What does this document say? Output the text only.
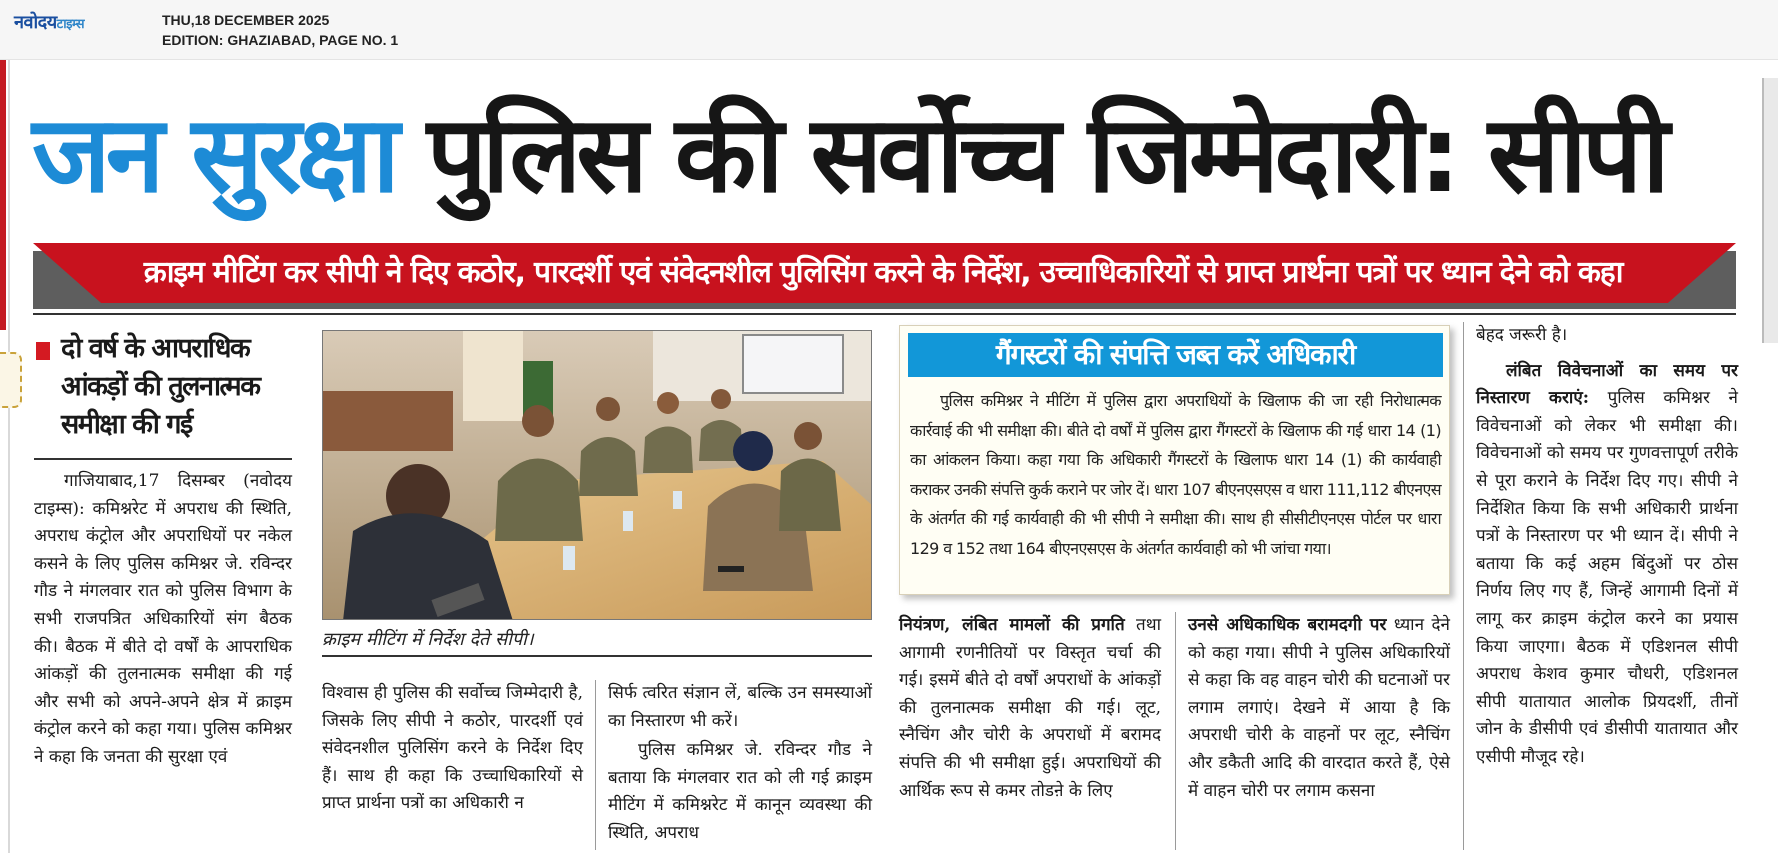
नवोदयटाइम्स	THU,18 DECEMBER 2025
EDITION: GHAZIABAD, PAGE NO. 1
जन सुरक्षा पुलिस की सर्वोच्च जिम्मेदारी: सीपी
क्राइम मीटिंग कर सीपी ने दिए कठोर, पारदर्शी एवं संवेदनशील पुलिसिंग करने के निर्देश, उच्चाधिकारियों से प्राप्त प्रार्थना पत्रों पर ध्यान देने को कहा
दो वर्ष के आपराधिक आंकड़ों की तुलनात्मक समीक्षा की गई

गाजियाबाद,17 दिसम्बर (नवोदय टाइम्स): कमिश्नरेट में अपराध की स्थिति, अपराध कंट्रोल और अपराधियों पर नकेल कसने के लिए पुलिस कमिश्नर जे. रविन्दर गौड ने मंगलवार रात को पुलिस विभाग के सभी राजपत्रित अधिकारियों संग बैठक की। बैठक में बीते दो वर्षों के आपराधिक आंकड़ों की तुलनात्मक समीक्षा की गई और सभी को अपने-अपने क्षेत्र में क्राइम कंट्रोल करने को कहा गया। पुलिस कमिश्नर ने कहा कि जनता की सुरक्षा एवं

क्राइम मीटिंग में निर्देश देते सीपी।

विश्वास ही पुलिस की सर्वोच्च जिम्मेदारी है, जिसके लिए सीपी ने कठोर, पारदर्शी एवं संवेदनशील पुलिसिंग करने के निर्देश दिए हैं। साथ ही कहा कि उच्चाधिकारियों से प्राप्त प्रार्थना पत्रों का अधिकारी न

सिर्फ त्वरित संज्ञान लें, बल्कि उन समस्याओं का निस्तारण भी करें।

पुलिस कमिश्नर जे. रविन्दर गौड ने बताया कि मंगलवार रात को ली गई क्राइम मीटिंग में कमिश्नरेट में कानून व्यवस्था की स्थिति, अपराध

गैंगस्टरों की संपत्ति जब्त करें अधिकारी
पुलिस कमिश्नर ने मीटिंग में पुलिस द्वारा अपराधियों के खिलाफ की जा रही निरोधात्मक कार्रवाई की भी समीक्षा की। बीते दो वर्षों में पुलिस द्वारा गैंगस्टरों के खिलाफ की गई धारा 14 (1) का आंकलन किया। कहा गया कि अधिकारी गैंगस्टरों के खिलाफ धारा 14 (1) की कार्यवाही कराकर उनकी संपत्ति कुर्क कराने पर जोर दें। धारा 107 बीएनएसएस व धारा 111,112 बीएनएस के अंतर्गत की गई कार्यवाही की भी सीपी ने समीक्षा की। साथ ही सीसीटीएनएस पोर्टल पर धारा 129 व 152 तथा 164 बीएनएसएस के अंतर्गत कार्यवाही को भी जांचा गया।

नियंत्रण, लंबित मामलों की प्रगति तथा आगामी रणनीतियों पर विस्तृत चर्चा की गई। इसमें बीते दो वर्षों अपराधों के आंकड़ों की तुलनात्मक समीक्षा की गई। लूट, स्नैचिंग और चोरी के अपराधों में बरामद संपत्ति की भी समीक्षा हुई। अपराधियों की आर्थिक रूप से कमर तोडऩे के लिए

उनसे अधिकाधिक बरामदगी पर ध्यान देने को कहा गया। सीपी ने पुलिस अधिकारियों से कहा कि वह वाहन चोरी की घटनाओं पर लगाम लगाएं। देखने में आया है कि अपराधी चोरी के वाहनों पर लूट, स्नैचिंग और डकैती आदि की वारदात करते हैं, ऐसे में वाहन चोरी पर लगाम कसना

बेहद जरूरी है।

लंबित विवेचनाओं का समय पर निस्तारण कराएं: पुलिस कमिश्नर ने विवेचनाओं को लेकर भी समीक्षा की। विवेचनाओं को समय पर गुणवत्तापूर्ण तरीके से पूरा कराने के निर्देश दिए गए। सीपी ने निर्देशित किया कि सभी अधिकारी प्रार्थना पत्रों के निस्तारण पर भी ध्यान दें। सीपी ने बताया कि कई अहम बिंदुओं पर ठोस निर्णय लिए गए हैं, जिन्हें आगामी दिनों में लागू कर क्राइम कंट्रोल करने का प्रयास किया जाएगा। बैठक में एडिशनल सीपी अपराध केशव कुमार चौधरी, एडिशनल सीपी यातायात आलोक प्रियदर्शी, तीनों जोन के डीसीपी एवं डीसीपी यातायात और एसीपी मौजूद रहे।
